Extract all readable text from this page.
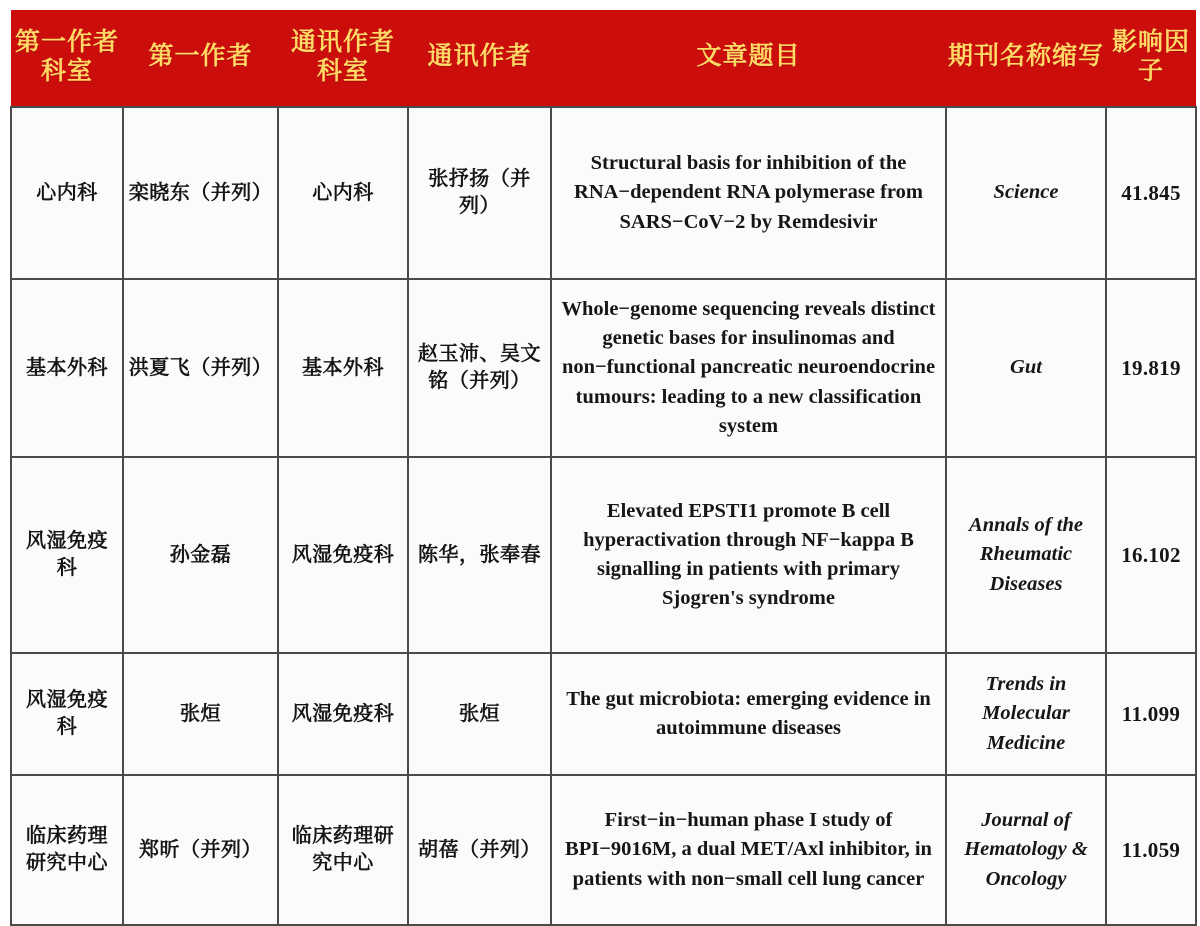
第一作者科室	第一作者	通讯作者科室	通讯作者	文章题目	期刊名称缩写	影响因子
心内科	栾晓东（并列）	心内科	张抒扬（并列）	Structural basis for inhibition of the RNA−dependent RNA polymerase from SARS−CoV−2 by Remdesivir	Science	41.845
基本外科	洪夏飞（并列）	基本外科	赵玉沛、吴文铭（并列）	Whole−genome sequencing reveals distinct genetic bases for insulinomas and non−functional pancreatic neuroendocrine tumours: leading to a new classification system	Gut	19.819
风湿免疫科	孙金磊	风湿免疫科	陈华，张奉春	Elevated EPSTI1 promote B cell hyperactivation through NF−kappa B signalling in patients with primary Sjogren's syndrome	Annals of the Rheumatic Diseases	16.102
风湿免疫科	张烜	风湿免疫科	张烜	The gut microbiota: emerging evidence in autoimmune diseases	Trends in Molecular Medicine	11.099
临床药理研究中心	郑昕（并列）	临床药理研究中心	胡蓓（并列）	First−in−human phase I study of BPI−9016M, a dual MET/Axl inhibitor, in patients with non−small cell lung cancer	Journal of Hematology & Oncology	11.059
